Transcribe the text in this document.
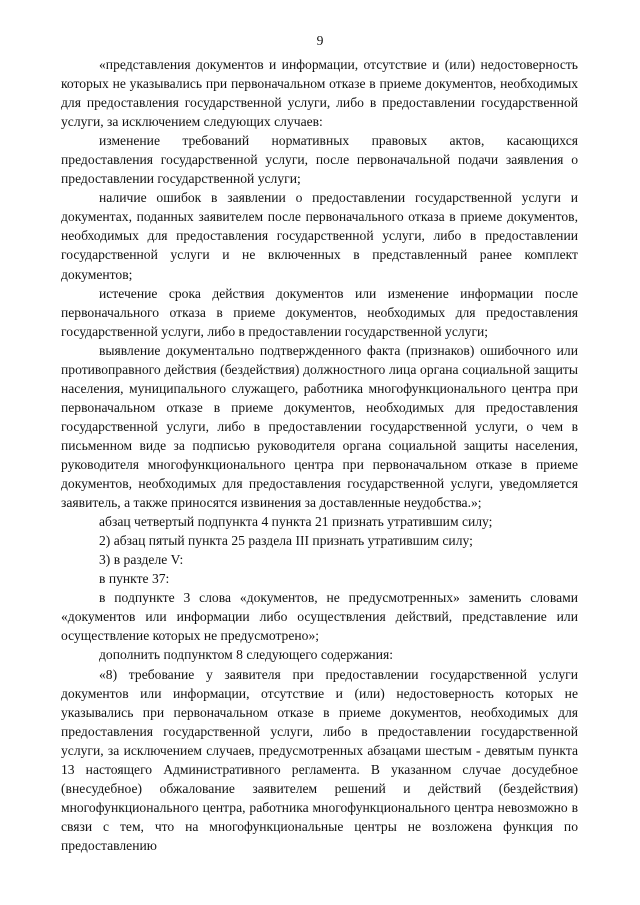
9

«представления документов и информации, отсутствие и (или) недостоверность которых не указывались при первоначальном отказе в приеме документов, необходимых для предоставления государственной услуги, либо в предоставлении государственной услуги, за исключением следующих случаев:

изменение требований нормативных правовых актов, касающихся предоставления государственной услуги, после первоначальной подачи заявления о предоставлении государственной услуги;

наличие ошибок в заявлении о предоставлении государственной услуги и документах, поданных заявителем после первоначального отказа в приеме документов, необходимых для предоставления государственной услуги, либо в предоставлении государственной услуги и не включенных в представленный ранее комплект документов;

истечение срока действия документов или изменение информации после первоначального отказа в приеме документов, необходимых для предоставления государственной услуги, либо в предоставлении государственной услуги;

выявление документально подтвержденного факта (признаков) ошибочного или противоправного действия (бездействия) должностного лица органа социальной защиты населения, муниципального служащего, работника многофункционального центра при первоначальном отказе в приеме документов, необходимых для предоставления государственной услуги, либо в предоставлении государственной услуги, о чем в письменном виде за подписью руководителя органа социальной защиты населения, руководителя многофункционального центра при первоначальном отказе в приеме документов, необходимых для предоставления государственной услуги, уведомляется заявитель, а также приносятся извинения за доставленные неудобства.»;

абзац четвертый подпункта 4 пункта 21 признать утратившим силу;

2) абзац пятый пункта 25 раздела III признать утратившим силу;

3) в разделе V:

в пункте 37:

в подпункте 3 слова «документов, не предусмотренных» заменить словами «документов или информации либо осуществления действий, представление или осуществление которых не предусмотрено»;

дополнить подпунктом 8 следующего содержания:

«8) требование у заявителя при предоставлении государственной услуги документов или информации, отсутствие и (или) недостоверность которых не указывались при первоначальном отказе в приеме документов, необходимых для предоставления государственной услуги, либо в предоставлении государственной услуги, за исключением случаев, предусмотренных абзацами шестым - девятым пункта 13 настоящего Административного регламента. В указанном случае досудебное (внесудебное) обжалование заявителем решений и действий (бездействия) многофункционального центра, работника многофункционального центра невозможно в связи с тем, что на многофункциональные центры не возложена функция по предоставлению
